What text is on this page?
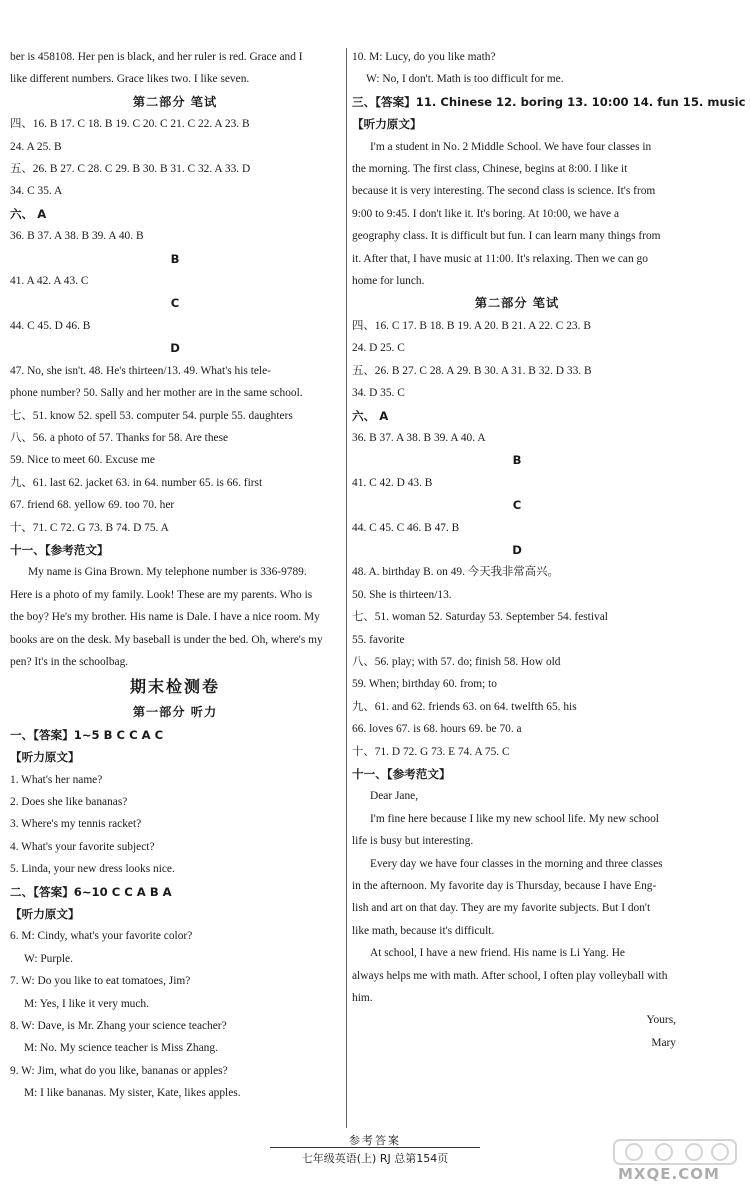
ber is 458108. Her pen is black, and her ruler is red. Grace and I
like different numbers. Grace likes two. I like seven.
第二部分 笔试
四、16. B 17. C 18. B 19. C 20. C 21. C 22. A 23. B
24. A 25. B
五、26. B 27. C 28. C 29. B 30. B 31. C 32. A 33. D
34. C 35. A
六、 A
36. B 37. A 38. B 39. A 40. B
B
41. A 42. A 43. C
C
44. C 45. D 46. B
D
47. No, she isn't. 48. He's thirteen/13. 49. What's his tele-
phone number? 50. Sally and her mother are in the same school.
七、51. know 52. spell 53. computer 54. purple 55. daughters
八、56. a photo of 57. Thanks for 58. Are these
59. Nice to meet 60. Excuse me
九、61. last 62. jacket 63. in 64. number 65. is 66. first
67. friend 68. yellow 69. too 70. her
十、71. C 72. G 73. B 74. D 75. A
十一、【参考范文】
My name is Gina Brown. My telephone number is 336-9789.
Here is a photo of my family. Look! These are my parents. Who is
the boy? He's my brother. His name is Dale. I have a nice room. My
books are on the desk. My baseball is under the bed. Oh, where's my
pen? It's in the schoolbag.
期末检测卷
第一部分 听力
一、【答案】1~5 B C C A C
【听力原文】
1. What's her name?
2. Does she like bananas?
3. Where's my tennis racket?
4. What's your favorite subject?
5. Linda, your new dress looks nice.
二、【答案】6~10 C C A B A
【听力原文】
6. M: Cindy, what's your favorite color?
W: Purple.
7. W: Do you like to eat tomatoes, Jim?
M: Yes, I like it very much.
8. W: Dave, is Mr. Zhang your science teacher?
M: No. My science teacher is Miss Zhang.
9. W: Jim, what do you like, bananas or apples?
M: I like bananas. My sister, Kate, likes apples.
10. M: Lucy, do you like math?
W: No, I don't. Math is too difficult for me.
三、【答案】11. Chinese 12. boring 13. 10:00 14. fun 15. music
【听力原文】
I'm a student in No. 2 Middle School. We have four classes in
the morning. The first class, Chinese, begins at 8:00. I like it
because it is very interesting. The second class is science. It's from
9:00 to 9:45. I don't like it. It's boring. At 10:00, we have a
geography class. It is difficult but fun. I can learn many things from
it. After that, I have music at 11:00. It's relaxing. Then we can go
home for lunch.
第二部分 笔试
四、16. C 17. B 18. B 19. A 20. B 21. A 22. C 23. B
24. D 25. C
五、26. B 27. C 28. A 29. B 30. A 31. B 32. D 33. B
34. D 35. C
六、 A
36. B 37. A 38. B 39. A 40. A
B
41. C 42. D 43. B
C
44. C 45. C 46. B 47. B
D
48. A. birthday B. on 49. 今天我非常高兴。
50. She is thirteen/13.
七、51. woman 52. Saturday 53. September 54. festival
55. favorite
八、56. play; with 57. do; finish 58. How old
59. When; birthday 60. from; to
九、61. and 62. friends 63. on 64. twelfth 65. his
66. loves 67. is 68. hours 69. be 70. a
十、71. D 72. G 73. E 74. A 75. C
十一、【参考范文】
Dear Jane,
I'm fine here because I like my new school life. My new school
life is busy but interesting.
Every day we have four classes in the morning and three classes
in the afternoon. My favorite day is Thursday, because I have Eng-
lish and art on that day. They are my favorite subjects. But I don't
like math, because it's difficult.
At school, I have a new friend. His name is Li Yang. He
always helps me with math. After school, I often play volleyball with
him.
Yours,
Mary
参考答案
七年级英语(上) RJ 总第154页
MXQE.COM
